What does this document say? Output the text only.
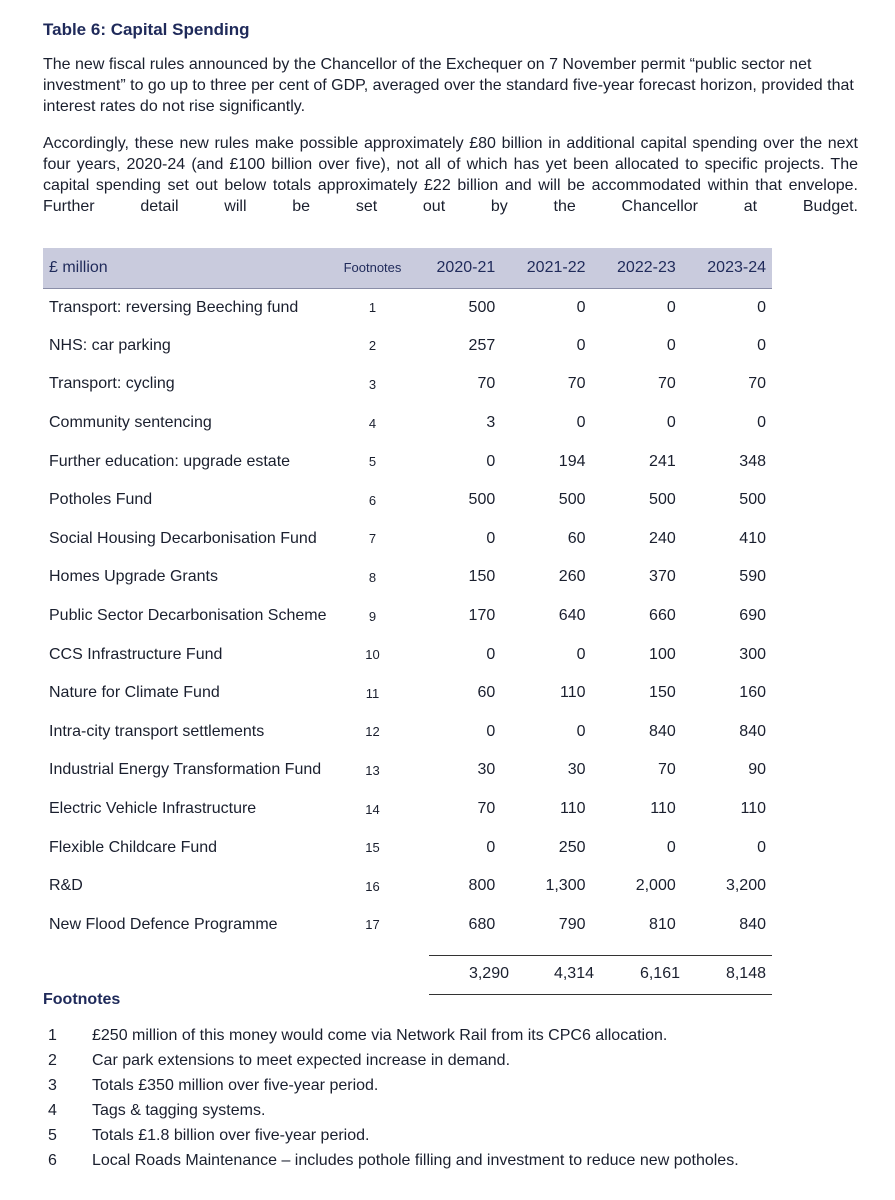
Table 6: Capital Spending
The new fiscal rules announced by the Chancellor of the Exchequer on 7 November permit “public sector net investment” to go up to three per cent of GDP, averaged over the standard five-year forecast horizon, provided that interest rates do not rise significantly.
Accordingly, these new rules make possible approximately £80 billion in additional capital spending over the next four years, 2020-24 (and £100 billion over five), not all of which has yet been allocated to specific projects. The capital spending set out below totals approximately £22 billion and will be accommodated within that envelope. Further detail will be set out by the Chancellor at Budget.
£ million	Footnotes	2020-21	2021-22	2022-23	2023-24
Transport: reversing Beeching fund	1	500	0	0	0
NHS: car parking	2	257	0	0	0
Transport: cycling	3	70	70	70	70
Community sentencing	4	3	0	0	0
Further education: upgrade estate	5	0	194	241	348
Potholes Fund	6	500	500	500	500
Social Housing Decarbonisation Fund	7	0	60	240	410
Homes Upgrade Grants	8	150	260	370	590
Public Sector Decarbonisation Scheme	9	170	640	660	690
CCS Infrastructure Fund	10	0	0	100	300
Nature for Climate Fund	11	60	110	150	160
Intra-city transport settlements	12	0	0	840	840
Industrial Energy Transformation Fund	13	30	30	70	90
Electric Vehicle Infrastructure	14	70	110	110	110
Flexible Childcare Fund	15	0	250	0	0
R&D	16	800	1,300	2,000	3,200
New Flood Defence Programme	17	680	790	810	840
3,290	4,314	6,161	8,148
Footnotes
1 £250 million of this money would come via Network Rail from its CPC6 allocation.
2 Car park extensions to meet expected increase in demand.
3 Totals £350 million over five-year period.
4 Tags & tagging systems.
5 Totals £1.8 billion over five-year period.
6 Local Roads Maintenance – includes pothole filling and investment to reduce new potholes.
